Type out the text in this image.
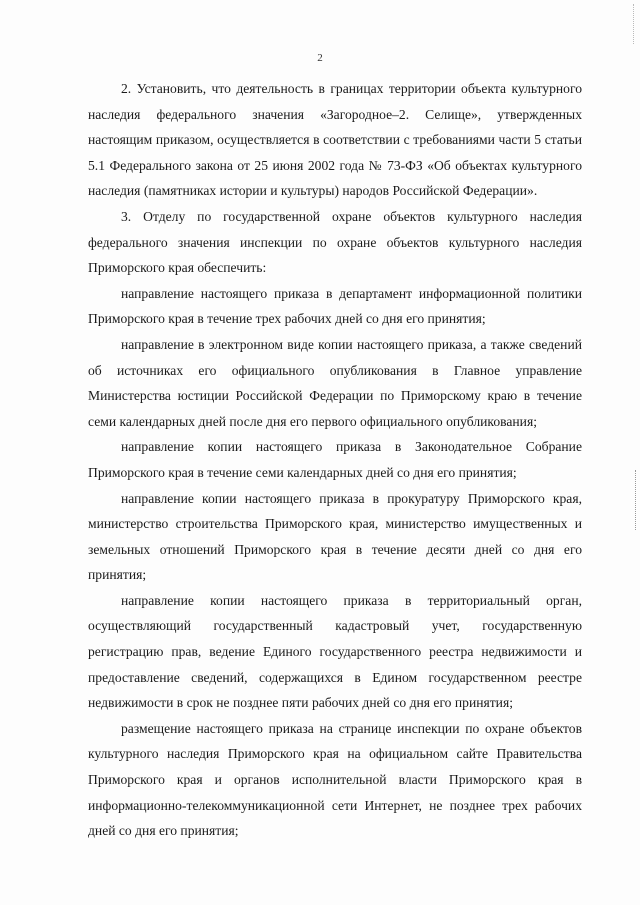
2

2. Установить, что деятельность в границах территории объекта культурного наследия федерального значения «Загородное–2. Селище», утвержденных настоящим приказом, осуществляется в соответствии с требованиями части 5 статьи 5.1 Федерального закона от 25 июня 2002 года № 73-ФЗ «Об объектах культурного наследия (памятниках истории и культуры) народов Российской Федерации».

3. Отделу по государственной охране объектов культурного наследия федерального значения инспекции по охране объектов культурного наследия Приморского края обеспечить:

направление настоящего приказа в департамент информационной политики Приморского края в течение трех рабочих дней со дня его принятия;

направление в электронном виде копии настоящего приказа, а также сведений об источниках его официального опубликования в Главное управление Министерства юстиции Российской Федерации по Приморскому краю в течение семи календарных дней после дня его первого официального опубликования;

направление копии настоящего приказа в Законодательное Собрание Приморского края в течение семи календарных дней со дня его принятия;

направление копии настоящего приказа в прокуратуру Приморского края, министерство строительства Приморского края, министерство имущественных и земельных отношений Приморского края в течение десяти дней со дня его принятия;

направление копии настоящего приказа в территориальный орган, осуществляющий государственный кадастровый учет, государственную регистрацию прав, ведение Единого государственного реестра недвижимости и предоставление сведений, содержащихся в Едином государственном реестре недвижимости в срок не позднее пяти рабочих дней со дня его принятия;

размещение настоящего приказа на странице инспекции по охране объектов культурного наследия Приморского края на официальном сайте Правительства Приморского края и органов исполнительной власти Приморского края в информационно-телекоммуникационной сети Интернет, не позднее трех рабочих дней со дня его принятия;
